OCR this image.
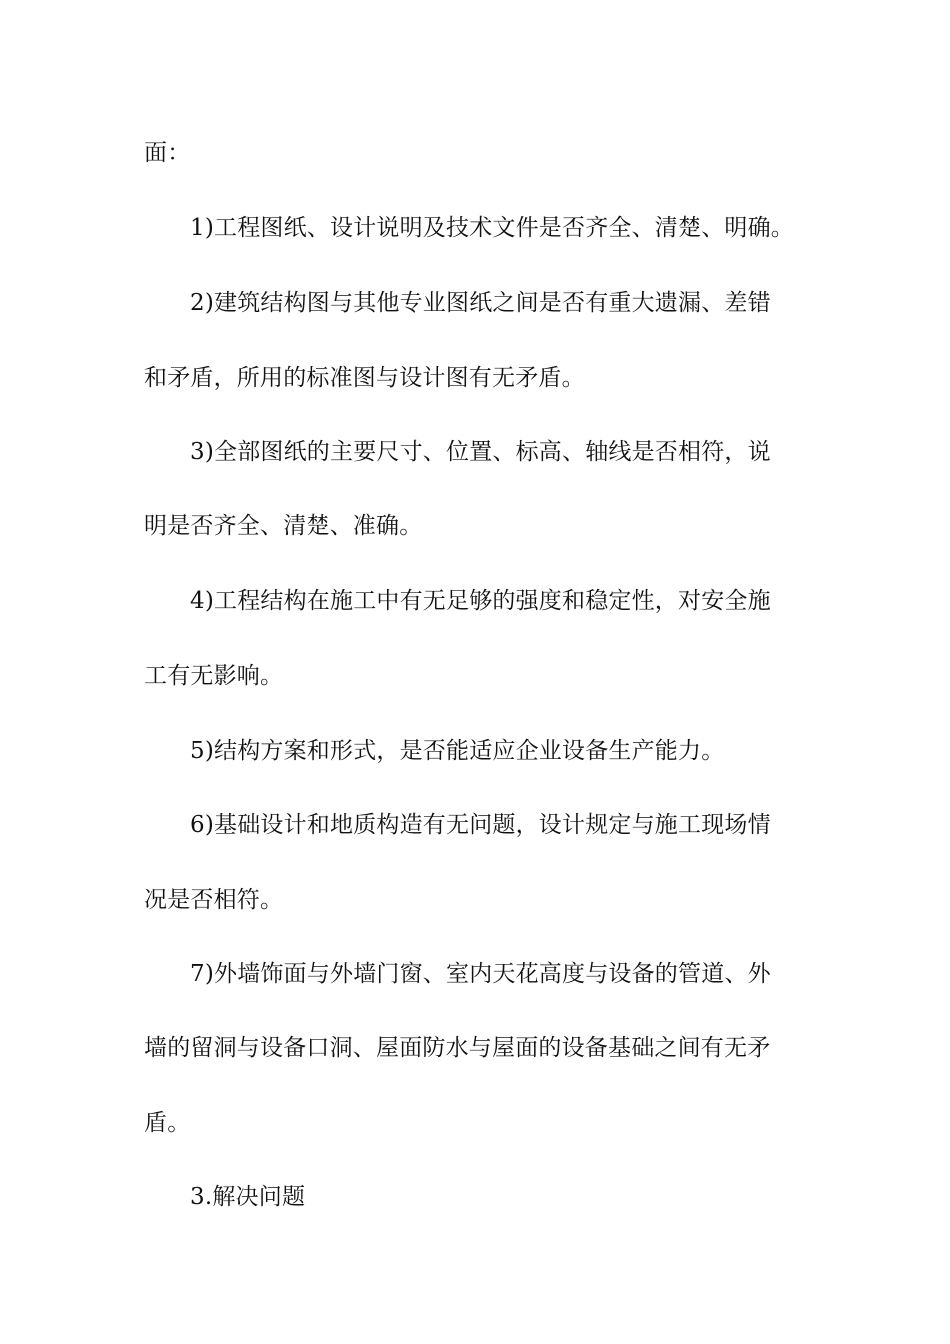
面：
1)工程图纸、设计说明及技术文件是否齐全、清楚、明确。
2)建筑结构图与其他专业图纸之间是否有重大遗漏、差错
和矛盾，所用的标准图与设计图有无矛盾。
3)全部图纸的主要尺寸、位置、标高、轴线是否相符，说
明是否齐全、清楚、准确。
4)工程结构在施工中有无足够的强度和稳定性，对安全施
工有无影响。
5)结构方案和形式，是否能适应企业设备生产能力。
6)基础设计和地质构造有无问题，设计规定与施工现场情
况是否相符。
7)外墙饰面与外墙门窗、室内天花高度与设备的管道、外
墙的留洞与设备口洞、屋面防水与屋面的设备基础之间有无矛
盾。
3.解决问题
